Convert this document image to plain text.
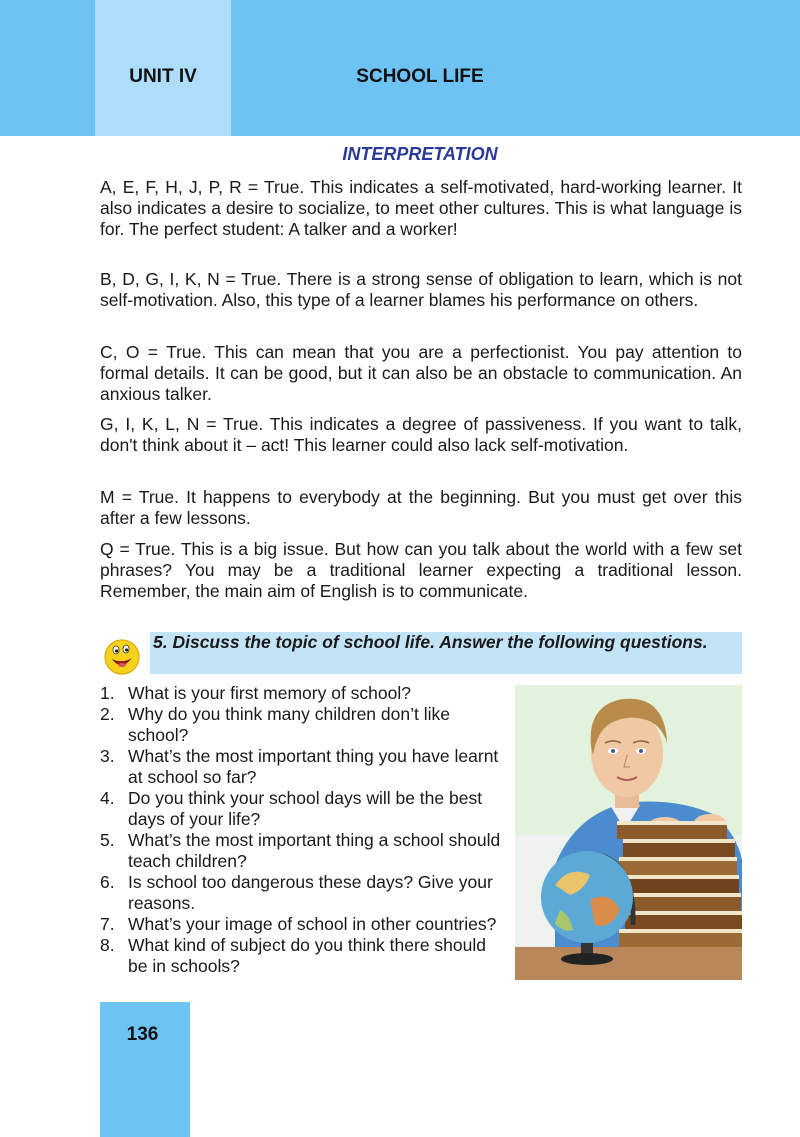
UNIT IV	SCHOOL LIFE
INTERPRETATION

A, E, F, H, J, P, R = True. This indicates a self-motivated, hard-working learner. It also indicates a desire to socialize, to meet other cultures. This is what language is for. The perfect student: A talker and a worker!

B, D, G, I, K, N = True. There is a strong sense of obligation to learn, which is not self-motivation. Also, this type of a learner blames his performance on others.

C, O = True. This can mean that you are a perfectionist. You pay attention to formal details. It can be good, but it can also be an obstacle to communication. An anxious talker.

G, I, K, L, N = True. This indicates a degree of passiveness. If you want to talk, don't think about it – act! This learner could also lack self-motivation.

M = True. It happens to everybody at the beginning. But you must get over this after a few lessons.

Q = True. This is a big issue. But how can you talk about the world with a few set phrases? You may be a traditional learner expecting a traditional lesson. Remember, the main aim of English is to communicate.

5. Discuss the topic of school life. Answer the following questions.

1. What is your first memory of school?
2. Why do you think many children don’t like school?
3. What’s the most important thing you have learnt at school so far?
4. Do you think your school days will be the best days of your life?
5. What’s the most important thing a school should teach children?
6. Is school too dangerous these days? Give your reasons.
7. What’s your image of school in other countries?
8. What kind of subject do you think there should be in schools?
136
